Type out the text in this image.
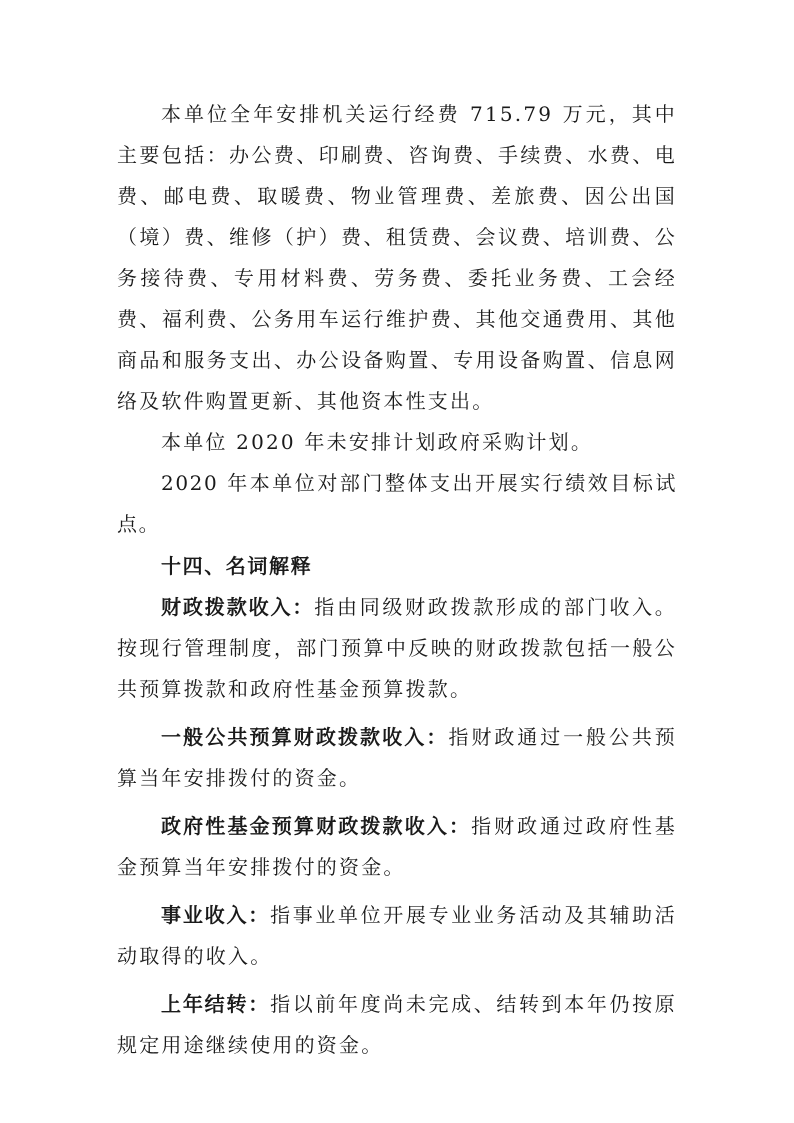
本单位全年安排机关运行经费 715.79 万元，其中主要包括：办公费、印刷费、咨询费、手续费、水费、电费、邮电费、取暖费、物业管理费、差旅费、因公出国（境）费、维修（护）费、租赁费、会议费、培训费、公务接待费、专用材料费、劳务费、委托业务费、工会经费、福利费、公务用车运行维护费、其他交通费用、其他商品和服务支出、办公设备购置、专用设备购置、信息网络及软件购置更新、其他资本性支出。

本单位 2020 年未安排计划政府采购计划。

2020 年本单位对部门整体支出开展实行绩效目标试点。

十四、名词解释

财政拨款收入：指由同级财政拨款形成的部门收入。按现行管理制度，部门预算中反映的财政拨款包括一般公共预算拨款和政府性基金预算拨款。

一般公共预算财政拨款收入：指财政通过一般公共预算当年安排拨付的资金。

政府性基金预算财政拨款收入：指财政通过政府性基金预算当年安排拨付的资金。

事业收入：指事业单位开展专业业务活动及其辅助活动取得的收入。

上年结转：指以前年度尚未完成、结转到本年仍按原规定用途继续使用的资金。
